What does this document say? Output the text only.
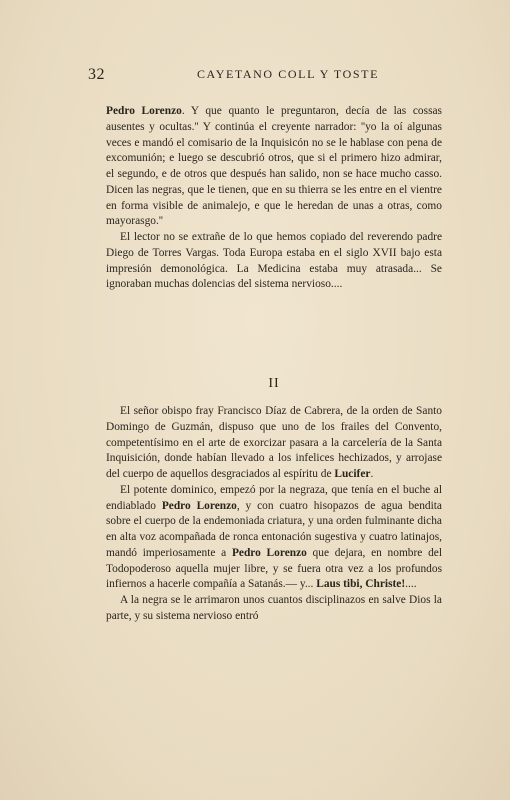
32	CAYETANO COLL Y TOSTE

Pedro Lorenzo. Y que quanto le preguntaron, decía de las cossas ausentes y ocultas.'' Y continúa el creyente narrador: ''yo la oí algunas veces e mandó el comisario de la Inquisicón no se le hablase con pena de excomunión; e luego se descubrió otros, que si el primero hizo admirar, el segundo, e de otros que después han salido, non se hace mucho casso. Dicen las negras, que le tienen, que en su thierra se les entre en el vientre en forma visible de animalejo, e que le heredan de unas a otras, como mayorasgo.''

El lector no se extrañe de lo que hemos copiado del reverendo padre Diego de Torres Vargas. Toda Europa estaba en el siglo XVII bajo esta impresión demonológica. La Medicina estaba muy atrasada... Se ignoraban muchas dolencias del sistema nervioso....

II

El señor obispo fray Francisco Díaz de Cabrera, de la orden de Santo Domingo de Guzmán, dispuso que uno de los frailes del Convento, competentísimo en el arte de exorcizar pasara a la carcelería de la Santa Inquisición, donde habían llevado a los infelices hechizados, y arrojase del cuerpo de aquellos desgraciados al espíritu de Lucifer.

El potente dominico, empezó por la negraza, que tenía en el buche al endiablado Pedro Lorenzo, y con cuatro hisopazos de agua bendita sobre el cuerpo de la endemoniada criatura, y una orden fulminante dicha en alta voz acompañada de ronca entonación sugestiva y cuatro latinajos, mandó imperiosamente a Pedro Lorenzo que dejara, en nombre del Todopoderoso aquella mujer libre, y se fuera otra vez a los profundos infiernos a hacerle compañía a Satanás.— y... Laus tibi, Christe!....

A la negra se le arrimaron unos cuantos disciplinazos en salve Dios la parte, y su sistema nervioso entró
